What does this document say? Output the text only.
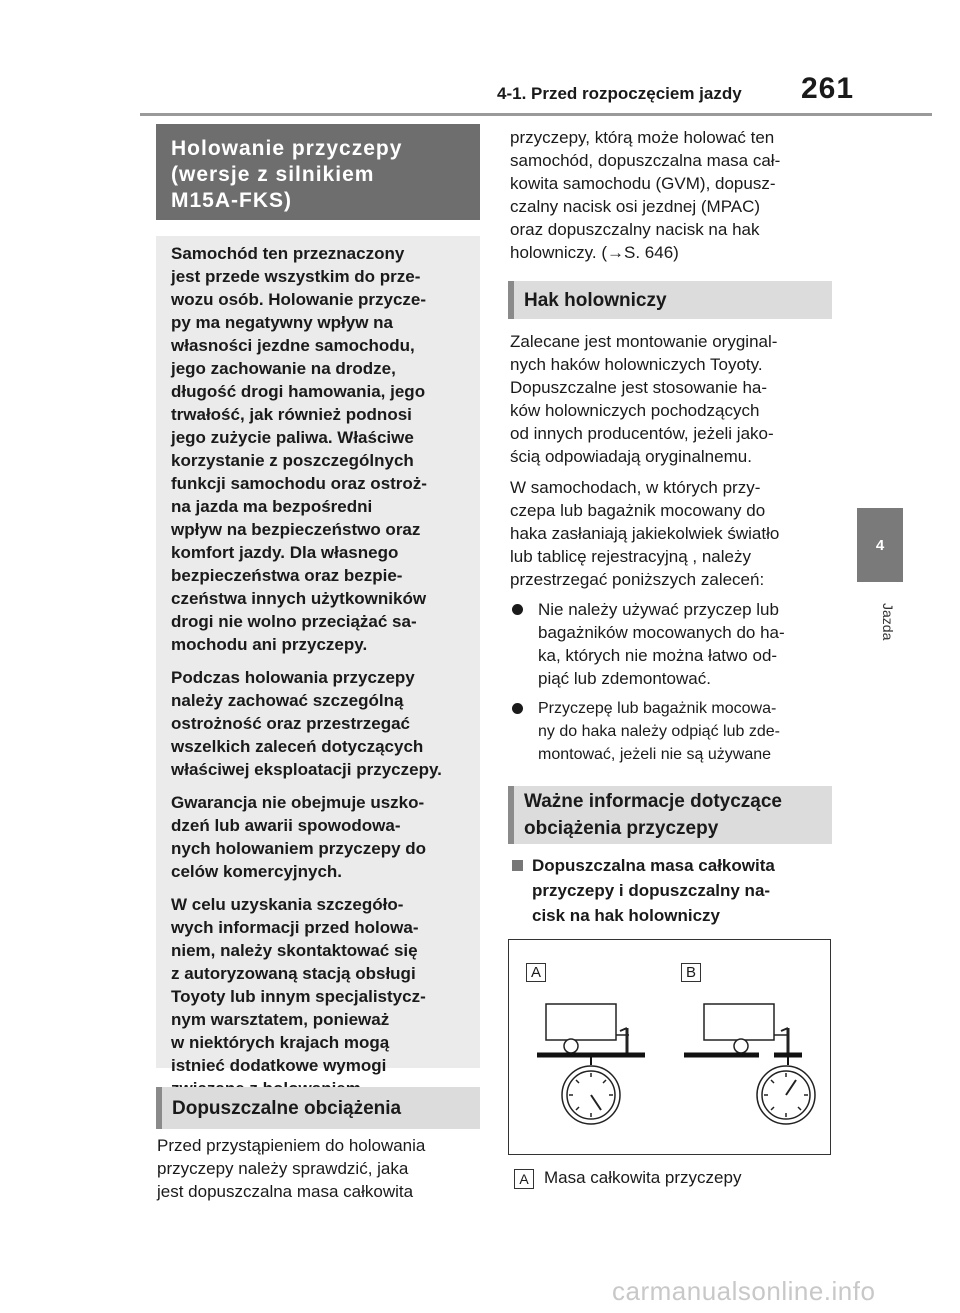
4-1. Przed rozpoczęciem jazdy 261
4
Jazda
Holowanie przyczepy
(wersje z silnikiem
M15A-FKS)

Samochód ten przeznaczony
jest przede wszystkim do prze-
wozu osób. Holowanie przycze-
py ma negatywny wpływ na
własności jezdne samochodu,
jego zachowanie na drodze,
długość drogi hamowania, jego
trwałość, jak również podnosi
jego zużycie paliwa. Właściwe
korzystanie z poszczególnych
funkcji samochodu oraz ostroż-
na jazda ma bezpośredni
wpływ na bezpieczeństwo oraz
komfort jazdy. Dla własnego
bezpieczeństwa oraz bezpie-
czeństwa innych użytkowników
drogi nie wolno przeciążać sa-
mochodu ani przyczepy.

Podczas holowania przyczepy
należy zachować szczególną
ostrożność oraz przestrzegać
wszelkich zaleceń dotyczących
właściwej eksploatacji przyczepy.

Gwarancja nie obejmuje uszko-
dzeń lub awarii spowodowa-
nych holowaniem przyczepy do
celów komercyjnych.

W celu uzyskania szczegóło-
wych informacji przed holowa-
niem, należy skontaktować się
z autoryzowaną stacją obsługi
Toyoty lub innym specjalistycz-
nym warsztatem, ponieważ
w niektórych krajach mogą
istnieć dodatkowe wymogi

Dopuszczalne obciążenia
Przed przystąpieniem do holowania
przyczepy należy sprawdzić, jaka
jest dopuszczalna masa całkowita
przyczepy, którą może holować ten
samochód, dopuszczalna masa cał-
kowita samochodu (GVM), dopusz-
czalny nacisk osi jezdnej (MPAC)
oraz dopuszczalny nacisk na hak
holowniczy. (→S. 646)
Hak holowniczy
Zalecane jest montowanie oryginal-
nych haków holowniczych Toyoty.
Dopuszczalne jest stosowanie ha-
ków holowniczych pochodzących
od innych producentów, jeżeli jako-
ścią odpowiadają oryginalnemu.
W samochodach, w których przy-
czepa lub bagażnik mocowany do
haka zasłaniają jakiekolwiek światło
lub tablicę rejestracyjną , należy
przestrzegać poniższych zaleceń:

Nie należy używać przyczep lub
bagażników mocowanych do ha-
ka, których nie można łatwo od-
piąć lub zdemontować.

Przyczepę lub bagażnik mocowa-
ny do haka należy odpiąć lub zde-
montować, jeżeli nie są używane

Ważne informacje dotyczące
obciążenia przyczepy
Dopuszczalna masa całkowita
przyczepy i dopuszczalny na-
cisk na hak holowniczy
A	B
A Masa całkowita przyczepy
carmanualsonline.info
